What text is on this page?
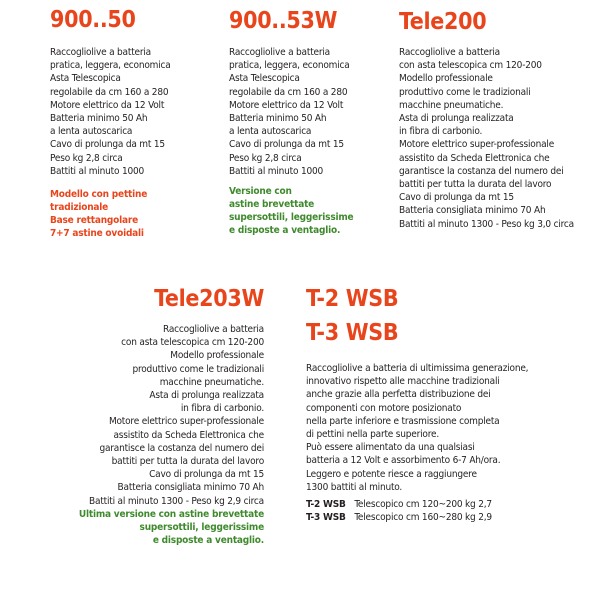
900..50
Raccogliolive a batteria
pratica, leggera, economica
Asta Telescopica
regolabile da cm 160 a 280
Motore elettrico da 12 Volt
Batteria minimo 50 Ah
a lenta autoscarica
Cavo di prolunga da mt 15
Peso kg 2,8 circa
Battiti al minuto 1000
Modello con pettine
tradizionale
Base rettangolare
7+7 astine ovoidali
900..53W
Raccogliolive a batteria
pratica, leggera, economica
Asta Telescopica
regolabile da cm 160 a 280
Motore elettrico da 12 Volt
Batteria minimo 50 Ah
a lenta autoscarica
Cavo di prolunga da mt 15
Peso kg 2,8 circa
Battiti al minuto 1000
Versione con
astine brevettate
supersottili, leggerissime
e disposte a ventaglio.
Tele200
Raccogliolive a batteria
con asta telescopica cm 120-200
Modello professionale
produttivo come le tradizionali
macchine pneumatiche.
Asta di prolunga realizzata
in fibra di carbonio.
Motore elettrico super-professionale
assistito da Scheda Elettronica che
garantisce la costanza del numero dei
battiti per tutta la durata del lavoro
Cavo di prolunga da mt 15
Batteria consigliata minimo 70 Ah
Battiti al minuto 1300 - Peso kg 3,0 circa
Tele203W
Raccogliolive a batteria
con asta telescopica cm 120-200
Modello professionale
produttivo come le tradizionali
macchine pneumatiche.
Asta di prolunga realizzata
in fibra di carbonio.
Motore elettrico super-professionale
assistito da Scheda Elettronica che
garantisce la costanza del numero dei
battiti per tutta la durata del lavoro
Cavo di prolunga da mt 15
Batteria consigliata minimo 70 Ah
Battiti al minuto 1300 - Peso kg 2,9 circa
Ultima versione con astine brevettate
supersottili, leggerissime
e disposte a ventaglio.
T-2 WSB
T-3 WSB
Raccogliolive a batteria di ultimissima generazione,
innovativo rispetto alle macchine tradizionali
anche grazie alla perfetta distribuzione dei
componenti con motore posizionato
nella parte inferiore e trasmissione completa
di pettini nella parte superiore.
Può essere alimentato da una qualsiasi
batteria a 12 Volt e assorbimento 6-7 Ah/ora.
Leggero e potente riesce a raggiungere
1300 battiti al minuto.
T-2 WSB Telescopico cm 120~200 kg 2,7
T-3 WSB Telescopico cm 160~280 kg 2,9
